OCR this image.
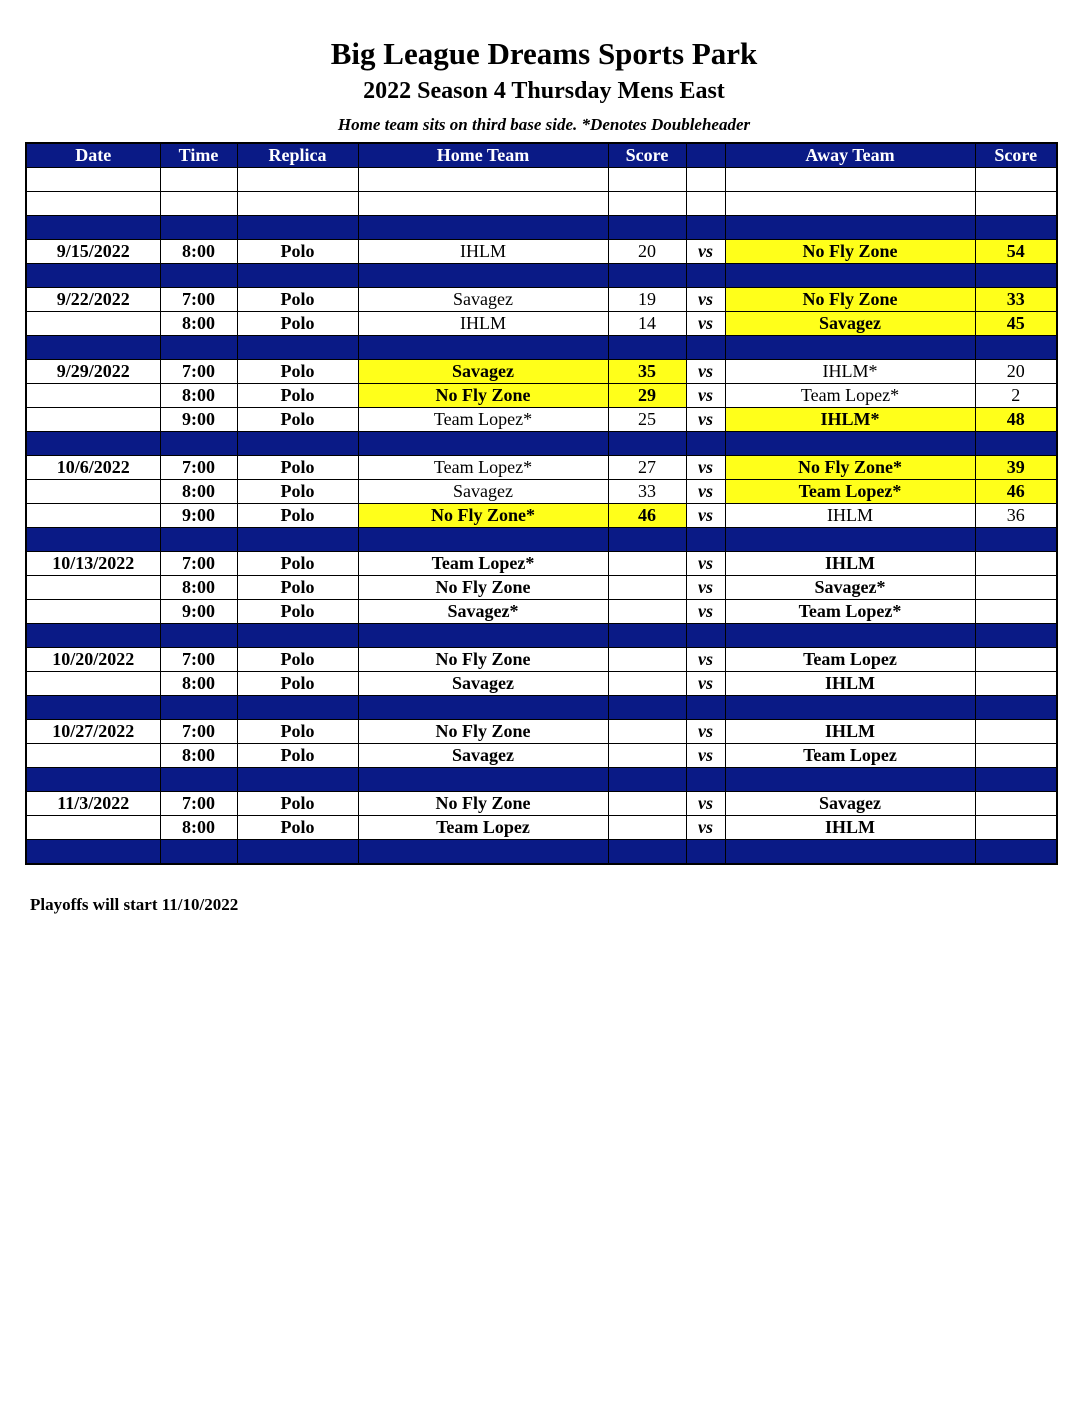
Big League Dreams Sports Park
2022 Season 4 Thursday Mens East
Home team sits on third base side. *Denotes Doubleheader
Date	Time	Replica	Home Team	Score		Away Team	Score

9/15/2022	8:00	Polo	IHLM	20	vs	No Fly Zone	54

9/22/2022	7:00	Polo	Savagez	19	vs	No Fly Zone	33
	8:00	Polo	IHLM	14	vs	Savagez	45

9/29/2022	7:00	Polo	Savagez	35	vs	IHLM*	20
	8:00	Polo	No Fly Zone	29	vs	Team Lopez*	2
	9:00	Polo	Team Lopez*	25	vs	IHLM*	48

10/6/2022	7:00	Polo	Team Lopez*	27	vs	No Fly Zone*	39
	8:00	Polo	Savagez	33	vs	Team Lopez*	46
	9:00	Polo	No Fly Zone*	46	vs	IHLM	36

10/13/2022	7:00	Polo	Team Lopez*		vs	IHLM	
	8:00	Polo	No Fly Zone		vs	Savagez*	
	9:00	Polo	Savagez*		vs	Team Lopez*	

10/20/2022	7:00	Polo	No Fly Zone		vs	Team Lopez	
	8:00	Polo	Savagez		vs	IHLM	

10/27/2022	7:00	Polo	No Fly Zone		vs	IHLM	
	8:00	Polo	Savagez		vs	Team Lopez	

11/3/2022	7:00	Polo	No Fly Zone		vs	Savagez	
	8:00	Polo	Team Lopez		vs	IHLM	

Playoffs will start 11/10/2022
